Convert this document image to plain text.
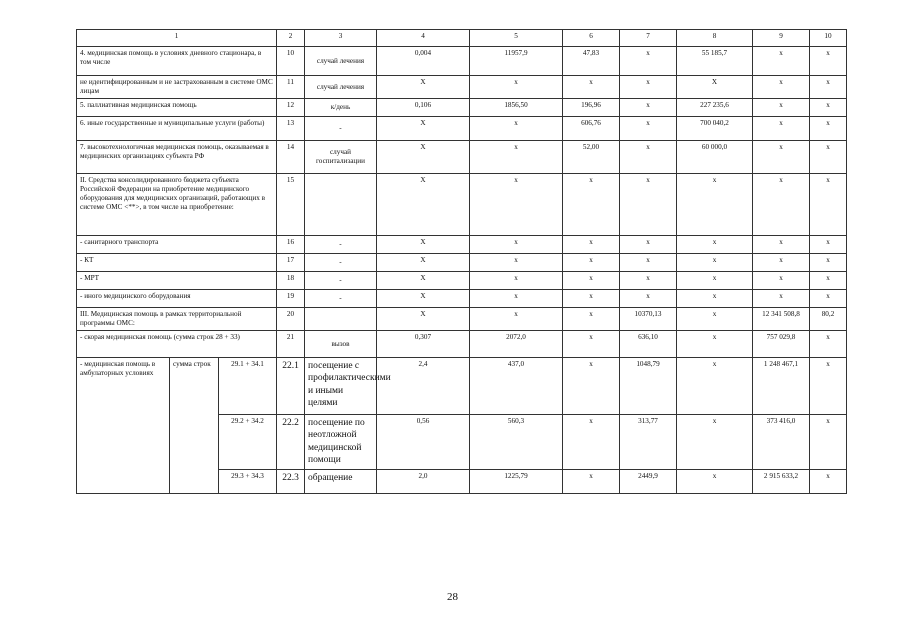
1			2	3	4	5	6	7	8	9	10
4. медицинская помощь в условиях дневного стационара, в том числе			10	случай лечения	0,004	11957,9	47,83	х	55 185,7	х	х
не идентифицированным и не застрахованным в системе ОМС лицам			11	случай лечения	Х	х	х	х	Х	х	х
5. паллиативная медицинская помощь			12	к/день	0,106	1856,50	196,96	х	227 235,6	х	х
6. иные государственные и муниципальные услуги (работы)			13	-	Х	х	606,76	х	700 040,2	х	х
7. высокотехнологичная медицинская помощь, оказываемая в медицинских организациях субъекта РФ			14	случай госпитализации	Х	х	52,00	х	60 000,0	х	х
II. Средства консолидированного бюджета субъекта Российской Федерации на приобретение медицинского оборудования для медицинских организаций, работающих в системе ОМС <**>, в том числе на приобретение:			15		Х	х	х	х	х	х	х
- санитарного транспорта			16	-	Х	х	х	х	х	х	х
- КТ			17	-	Х	х	х	х	х	х	х
- МРТ			18	-	Х	х	х	х	х	х	х
- иного медицинского оборудования			19	-	Х	х	х	х	х	х	х
III. Медицинская помощь в рамках территориальной программы ОМС:			20		Х	х	х	10370,13	х	12 341 508,8	80,2
- скорая медицинская помощь (сумма строк 28 + 33)			21	вызов	0,307	2072,0	х	636,10	х	757 029,8	х
- медицинская помощь в амбулаторных условиях	сумма строк	29.1 + 34.1	22.1	посещение с профилактическими и иными целями	2,4	437,0	х	1048,79	х	1 248 467,1	х
		29.2 + 34.2	22.2	посещение по неотложной медицинской помощи	0,56	560,3	х	313,77	х	373 416,0	х
		29.3 + 34.3	22.3	обращение	2,0	1225,79	х	2449,9	х	2 915 633,2	х
28
